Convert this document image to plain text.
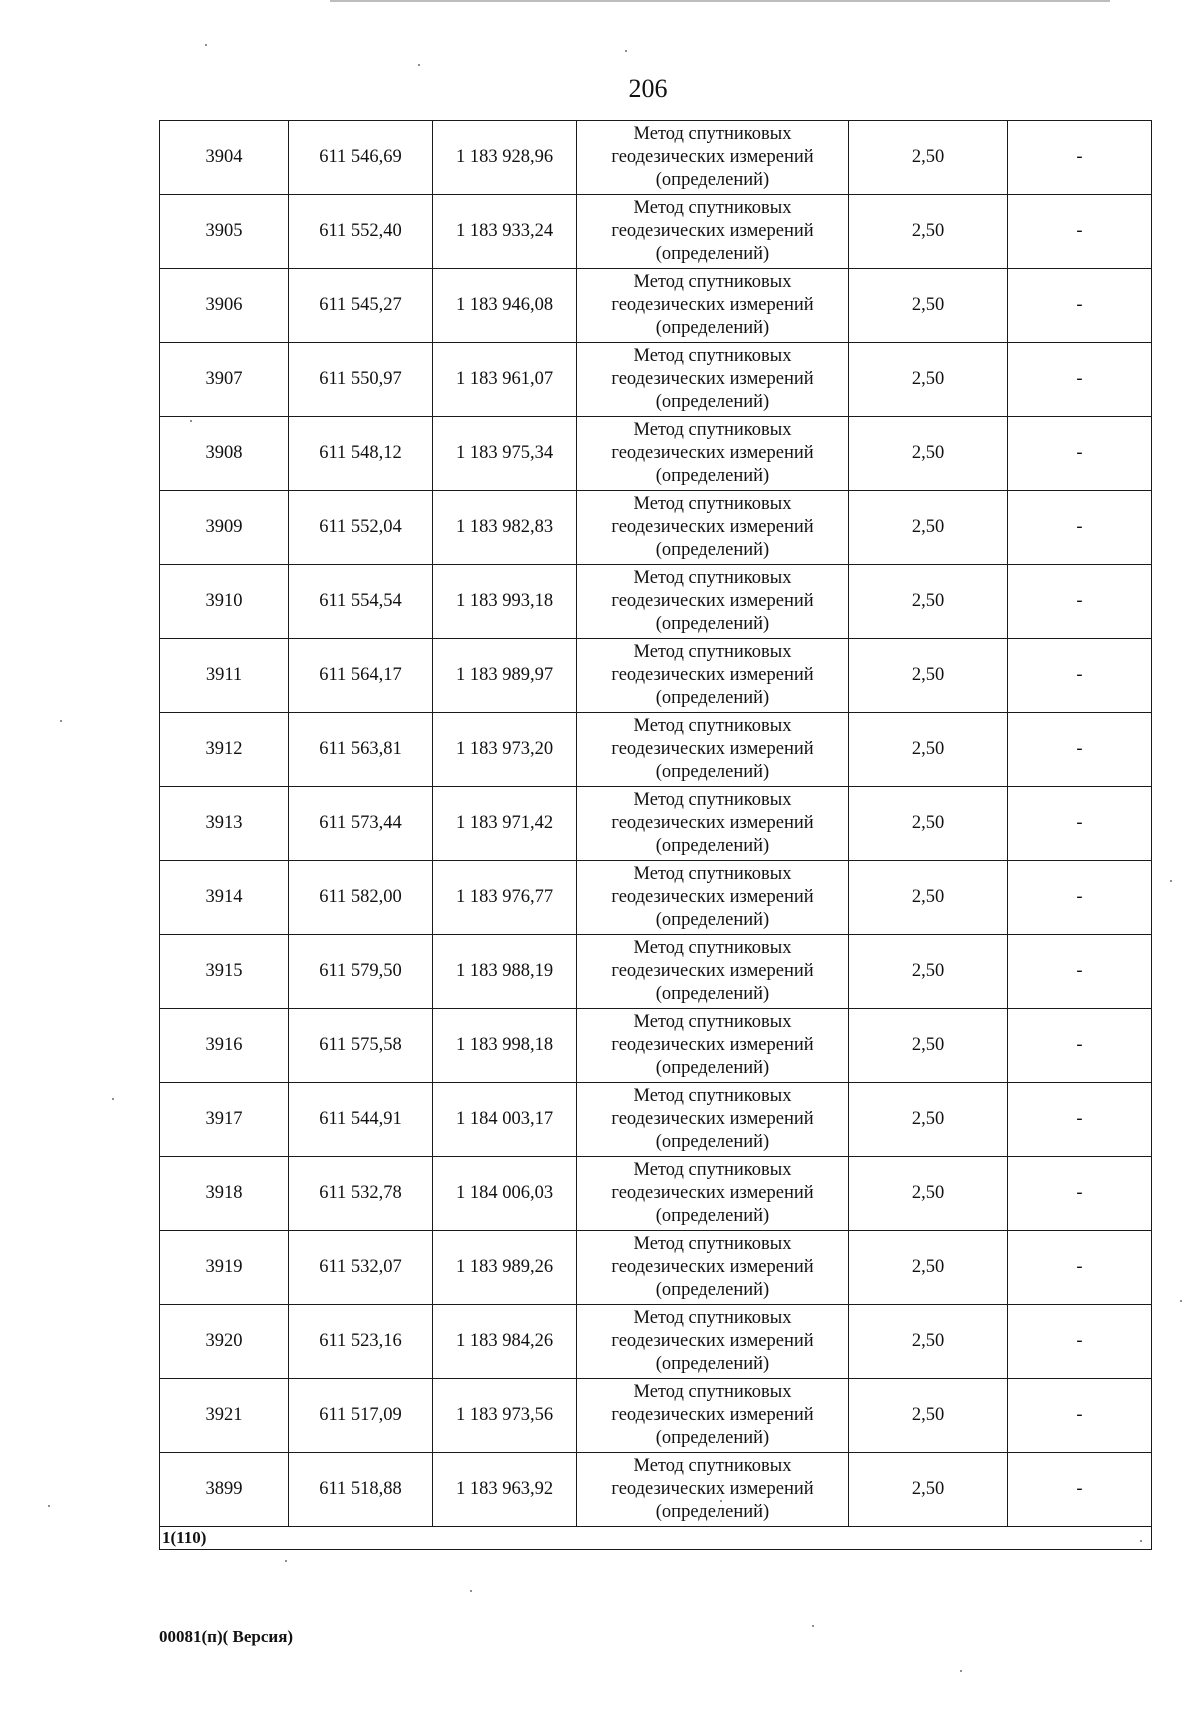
206
3904	611 546,69	1 183 928,96	Метод спутниковых
геодезических измерений
(определений)	2,50	-
3905	611 552,40	1 183 933,24	Метод спутниковых
геодезических измерений
(определений)	2,50	-
3906	611 545,27	1 183 946,08	Метод спутниковых
геодезических измерений
(определений)	2,50	-
3907	611 550,97	1 183 961,07	Метод спутниковых
геодезических измерений
(определений)	2,50	-
3908	611 548,12	1 183 975,34	Метод спутниковых
геодезических измерений
(определений)	2,50	-
3909	611 552,04	1 183 982,83	Метод спутниковых
геодезических измерений
(определений)	2,50	-
3910	611 554,54	1 183 993,18	Метод спутниковых
геодезических измерений
(определений)	2,50	-
3911	611 564,17	1 183 989,97	Метод спутниковых
геодезических измерений
(определений)	2,50	-
3912	611 563,81	1 183 973,20	Метод спутниковых
геодезических измерений
(определений)	2,50	-
3913	611 573,44	1 183 971,42	Метод спутниковых
геодезических измерений
(определений)	2,50	-
3914	611 582,00	1 183 976,77	Метод спутниковых
геодезических измерений
(определений)	2,50	-
3915	611 579,50	1 183 988,19	Метод спутниковых
геодезических измерений
(определений)	2,50	-
3916	611 575,58	1 183 998,18	Метод спутниковых
геодезических измерений
(определений)	2,50	-
3917	611 544,91	1 184 003,17	Метод спутниковых
геодезических измерений
(определений)	2,50	-
3918	611 532,78	1 184 006,03	Метод спутниковых
геодезических измерений
(определений)	2,50	-
3919	611 532,07	1 183 989,26	Метод спутниковых
геодезических измерений
(определений)	2,50	-
3920	611 523,16	1 183 984,26	Метод спутниковых
геодезических измерений
(определений)	2,50	-
3921	611 517,09	1 183 973,56	Метод спутниковых
геодезических измерений
(определений)	2,50	-
3899	611 518,88	1 183 963,92	Метод спутниковых
геодезических измерений
(определений)	2,50	-
1(110)					
00081(п)( Версия)
